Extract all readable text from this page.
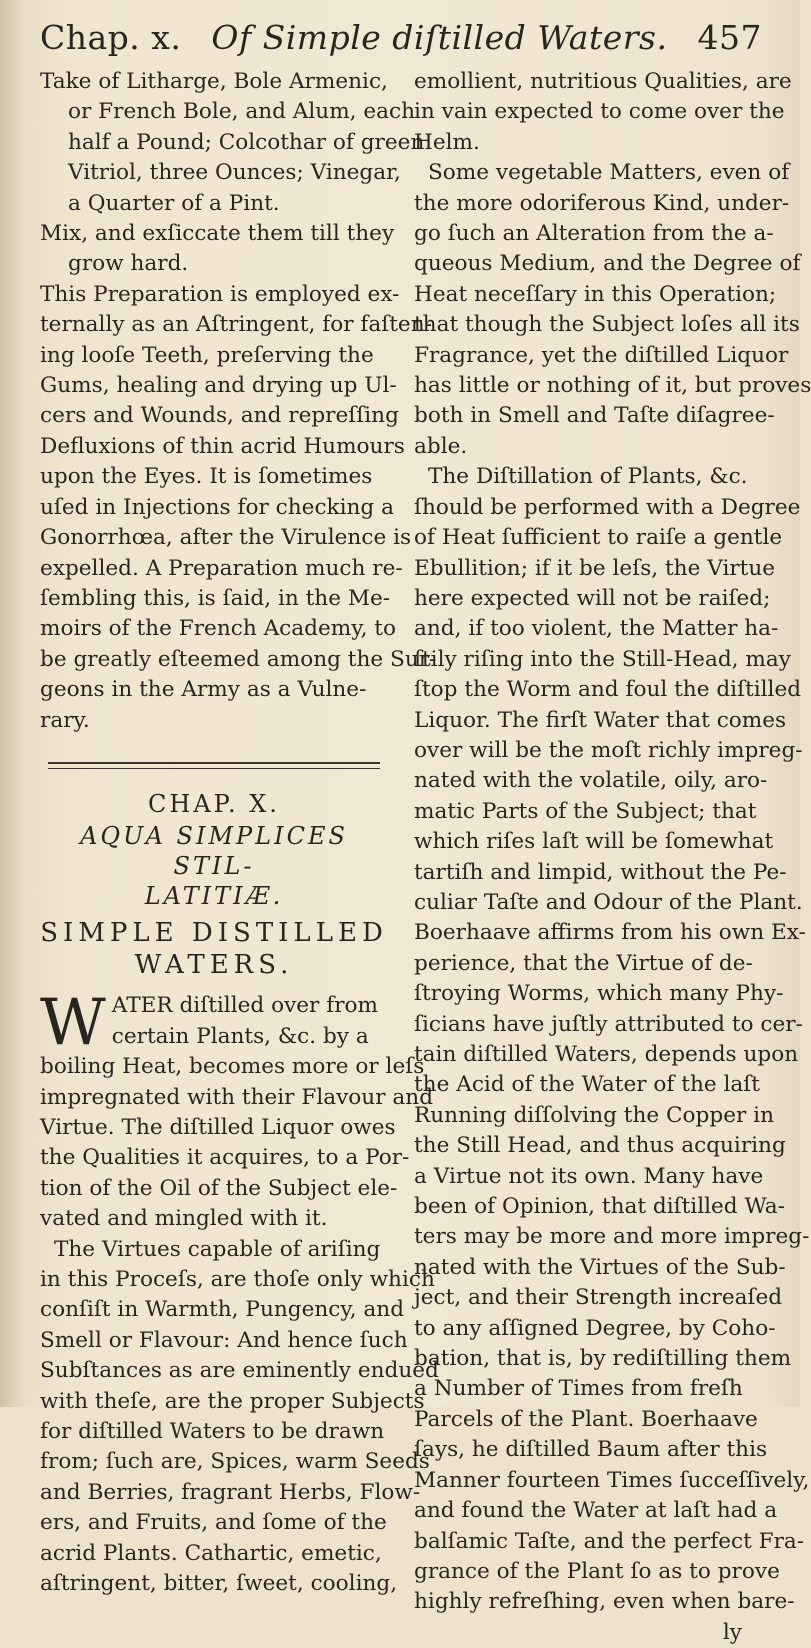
Chap. x. Of Simple diſtilled Waters. 457
Take of Litharge, Bole Armenic,
or French Bole, and Alum, each
half a Pound; Colcothar of green
Vitriol, three Ounces; Vinegar,
a Quarter of a Pint.
Mix, and exſiccate them till they
grow hard.
This Preparation is employed ex-
ternally as an Aſtringent, for faſten-
ing looſe Teeth, preſerving the
Gums, healing and drying up Ul-
cers and Wounds, and repreſſing
Defluxions of thin acrid Humours
upon the Eyes. It is ſometimes
uſed in Injections for checking a
Gonorrhœa, after the Virulence is
expelled. A Preparation much re-
ſembling this, is ſaid, in the Me-
moirs of the French Academy, to
be greatly eſteemed among the Sur-
geons in the Army as a Vulne-
rary.
CHAP. X.
AQUA SIMPLICES STIL-
LATITIÆ.
SIMPLE DISTILLED
WATERS.
W ATER diſtilled over from
certain Plants, &c. by a
boiling Heat, becomes more or leſs
impregnated with their Flavour and
Virtue. The diſtilled Liquor owes
the Qualities it acquires, to a Por-
tion of the Oil of the Subject ele-
vated and mingled with it.
The Virtues capable of ariſing
in this Proceſs, are thoſe only which
conſiſt in Warmth, Pungency, and
Smell or Flavour: And hence ſuch
Subſtances as are eminently endued
with theſe, are the proper Subjects
for diſtilled Waters to be drawn
from; ſuch are, Spices, warm Seeds
and Berries, fragrant Herbs, Flow-
ers, and Fruits, and ſome of the
acrid Plants. Cathartic, emetic,
aſtringent, bitter, ſweet, cooling,
emollient, nutritious Qualities, are
in vain expected to come over the
Helm.
Some vegetable Matters, even of
the more odoriferous Kind, under-
go ſuch an Alteration from the a-
queous Medium, and the Degree of
Heat neceſſary in this Operation;
that though the Subject loſes all its
Fragrance, yet the diſtilled Liquor
has little or nothing of it, but proves
both in Smell and Taſte diſagree-
able.
The Diſtillation of Plants, &c.
ſhould be performed with a Degree
of Heat ſufficient to raiſe a gentle
Ebullition; if it be leſs, the Virtue
here expected will not be raiſed;
and, if too violent, the Matter ha-
ſtily riſing into the Still-Head, may
ſtop the Worm and foul the diſtilled
Liquor. The firſt Water that comes
over will be the moſt richly impreg-
nated with the volatile, oily, aro-
matic Parts of the Subject; that
which riſes laſt will be ſomewhat
tartiſh and limpid, without the Pe-
culiar Taſte and Odour of the Plant.
Boerhaave affirms from his own Ex-
perience, that the Virtue of de-
ſtroying Worms, which many Phy-
ſicians have juſtly attributed to cer-
tain diſtilled Waters, depends upon
the Acid of the Water of the laſt
Running diſſolving the Copper in
the Still Head, and thus acquiring
a Virtue not its own. Many have
been of Opinion, that diſtilled Wa-
ters may be more and more impreg-
nated with the Virtues of the Sub-
ject, and their Strength increaſed
to any aſſigned Degree, by Coho-
bation, that is, by rediſtilling them
a Number of Times from freſh
Parcels of the Plant. Boerhaave
ſays, he diſtilled Baum after this
Manner fourteen Times ſucceſſively,
and found the Water at laſt had a
balſamic Taſte, and the perfect Fra-
grance of the Plant ſo as to prove
highly refreſhing, even when bare-
ly
